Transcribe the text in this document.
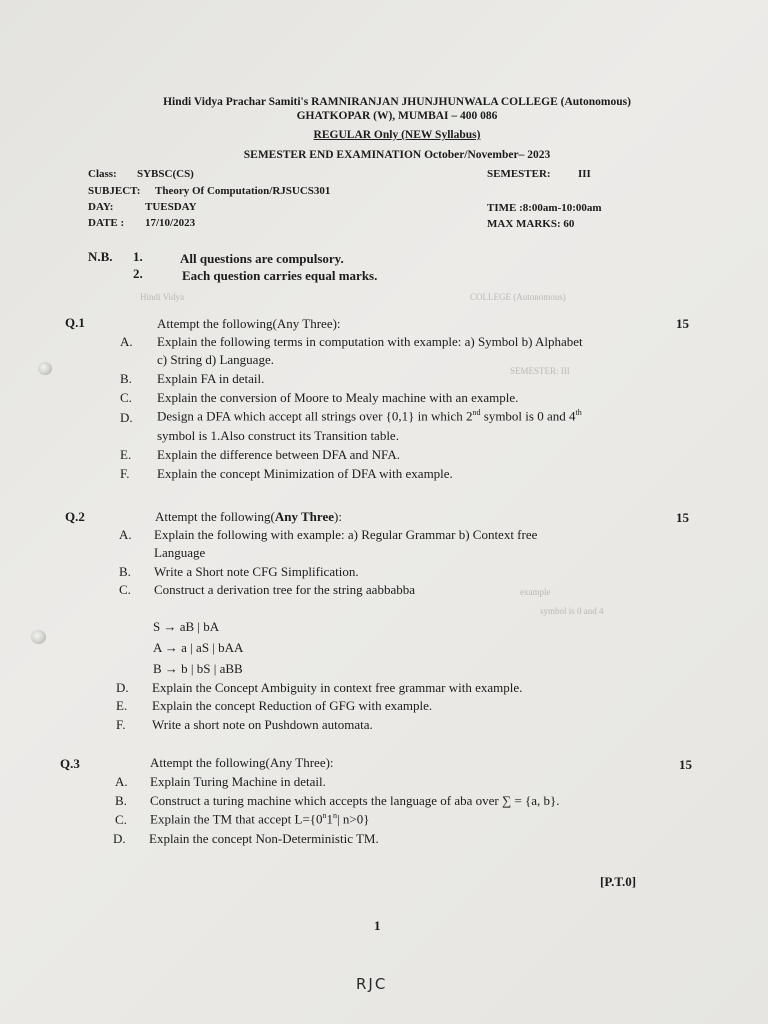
Hindi Vidya	COLLEGE (Autonomous)
SEMESTER: III
example
symbol is 0 and 4
Hindi Vidya Prachar Samiti's RAMNIRANJAN JHUNJHUNWALA COLLEGE (Autonomous)
GHATKOPAR (W), MUMBAI – 400 086
REGULAR Only (NEW Syllabus)
SEMESTER END EXAMINATION October/November– 2023
Class: SYBSC(CS)	SEMESTER: III
SUBJECT: Theory Of Computation/RJSUCS301
DAY:	TUESDAY	TIME :8:00am-10:00am
DATE : 17/10/2023	MAX MARKS: 60
N.B. 1.	All questions are compulsory.
2.	Each question carries equal marks.
Q.1	Attempt the following(Any Three):	15
A. Explain the following terms in computation with example: a) Symbol b) Alphabet
c) String d) Language.
B. Explain FA in detail.
C. Explain the conversion of Moore to Mealy machine with an example.
D. Design a DFA which accept all strings over {0,1} in which 2nd symbol is 0 and 4th
symbol is 1.Also construct its Transition table.
E. Explain the difference between DFA and NFA.
F. Explain the concept Minimization of DFA with example.
Q.2	Attempt the following(Any Three):	15
A. Explain the following with example: a) Regular Grammar b) Context free
Language
B. Write a Short note CFG Simplification.
C. Construct a derivation tree for the string aabbabba
S → aB | bA
A → a | aS | bAA
B → b | bS | aBB
D. Explain the Concept Ambiguity in context free grammar with example.
E. Explain the concept Reduction of GFG with example.
F. Write a short note on Pushdown automata.
Q.3	Attempt the following(Any Three):	15
A. Explain Turing Machine in detail.
B. Construct a turing machine which accepts the language of aba over ∑ = {a, b}.
C. Explain the TM that accept $L=\{0^n1^n|$ n>0}
D. Explain the concept Non-Deterministic TM.
[P.T.0]
1
RJC
